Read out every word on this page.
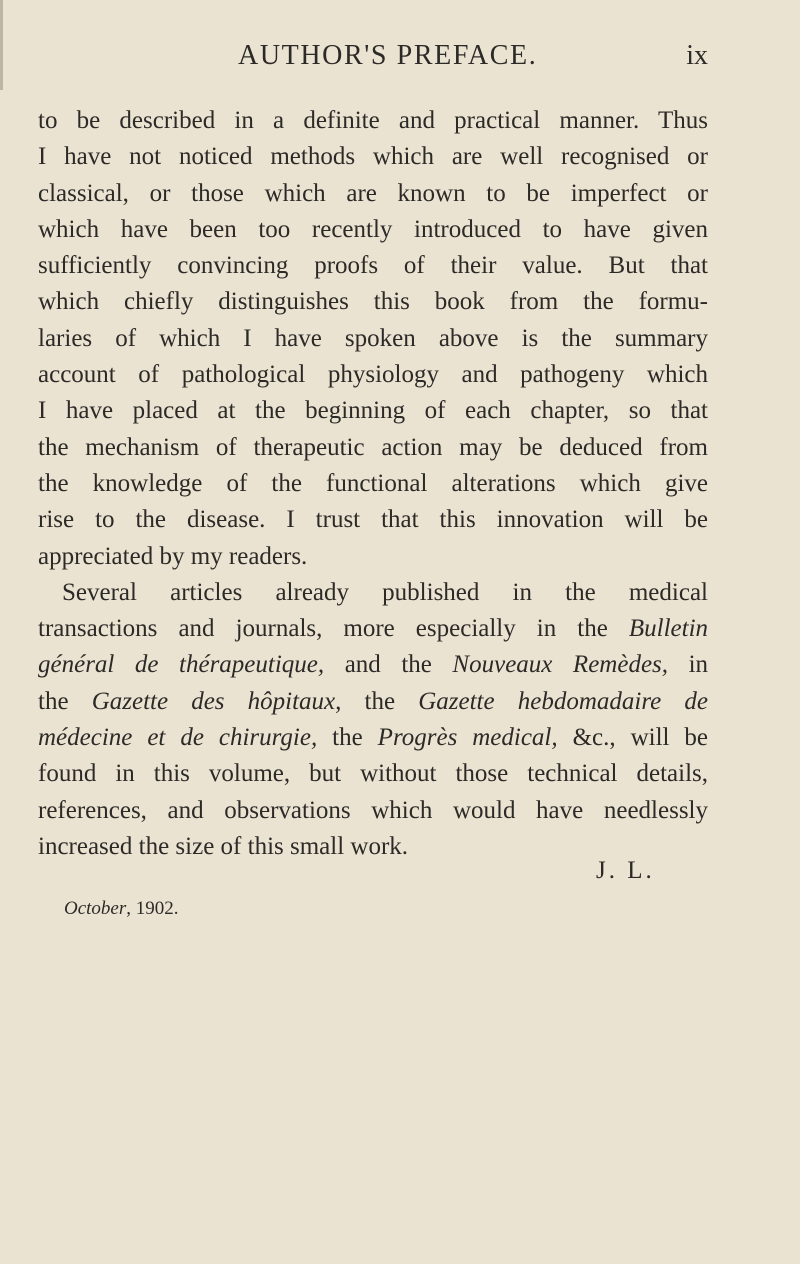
AUTHOR'S PREFACE.	ix
to be described in a definite and practical manner. Thus
I have not noticed methods which are well recognised or
classical, or those which are known to be imperfect or
which have been too recently introduced to have given
sufficiently convincing proofs of their value. But that
which chiefly distinguishes this book from the formu-
laries of which I have spoken above is the summary
account of pathological physiology and pathogeny which
I have placed at the beginning of each chapter, so that
the mechanism of therapeutic action may be deduced from
the knowledge of the functional alterations which give
rise to the disease. I trust that this innovation will be
appreciated by my readers.
Several articles already published in the medical
transactions and journals, more especially in the Bulletin
général de thérapeutique, and the Nouveaux Remèdes, in
the Gazette des hôpitaux, the Gazette hebdomadaire de
médecine et de chirurgie, the Progrès medical, &c., will be
found in this volume, but without those technical details,
references, and observations which would have needlessly
increased the size of this small work.
J. L.
October, 1902.
